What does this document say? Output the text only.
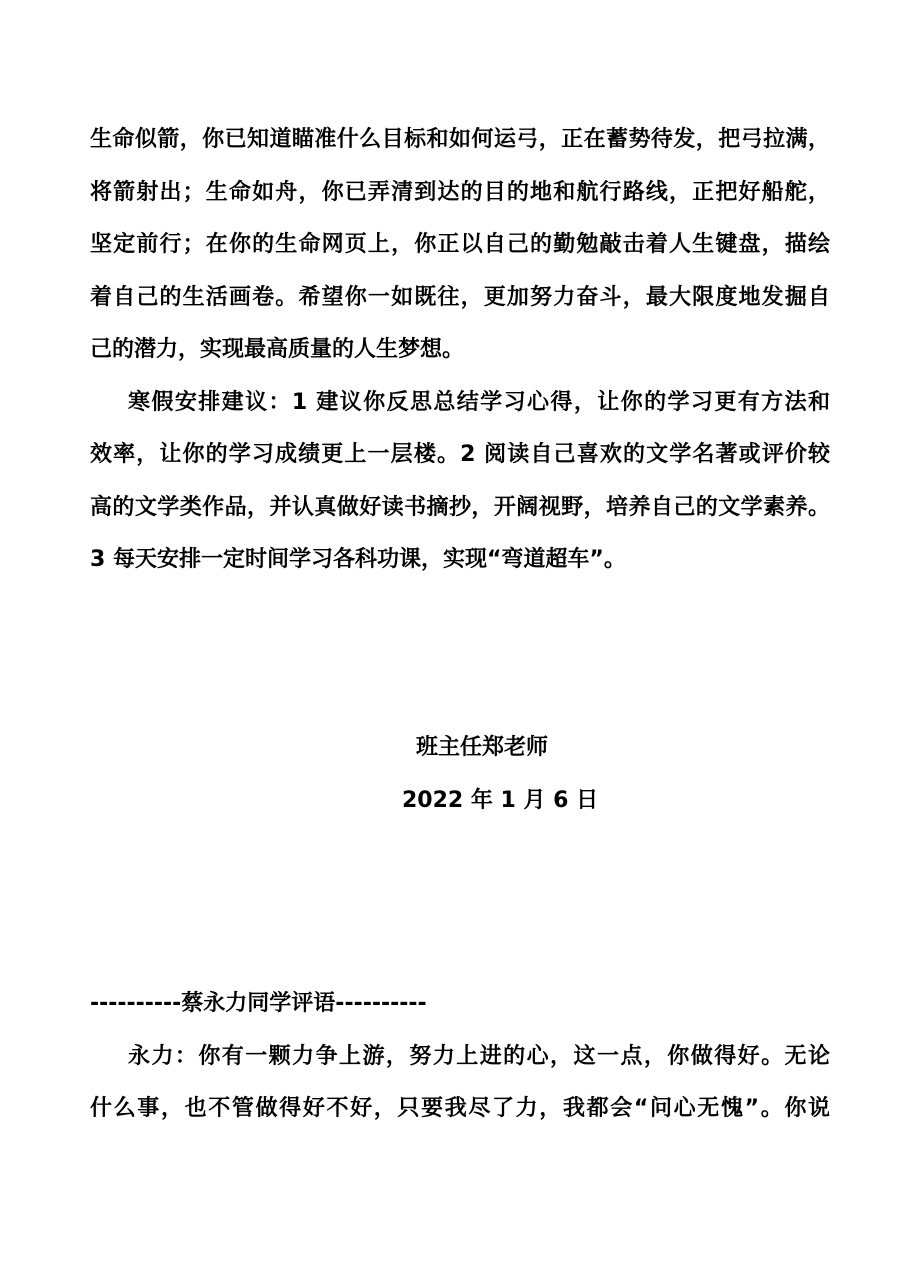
生命似箭，你已知道瞄准什么目标和如何运弓，正在蓄势待发，把弓拉满，
将箭射出；生命如舟，你已弄清到达的目的地和航行路线，正把好船舵，
坚定前行；在你的生命网页上，你正以自己的勤勉敲击着人生键盘，描绘
着自己的生活画卷。希望你一如既往，更加努力奋斗，最大限度地发掘自
己的潜力，实现最高质量的人生梦想。
寒假安排建议：1 建议你反思总结学习心得，让你的学习更有方法和
效率，让你的学习成绩更上一层楼。2 阅读自己喜欢的文学名著或评价较
高的文学类作品，并认真做好读书摘抄，开阔视野，培养自己的文学素养。
3 每天安排一定时间学习各科功课，实现“弯道超车”。
班主任郑老师
2022 年 1 月 6 日
----------蔡永力同学评语----------
永力：你有一颗力争上游，努力上进的心，这一点，你做得好。无论
什么事，也不管做得好不好，只要我尽了力，我都会“问心无愧”。你说
